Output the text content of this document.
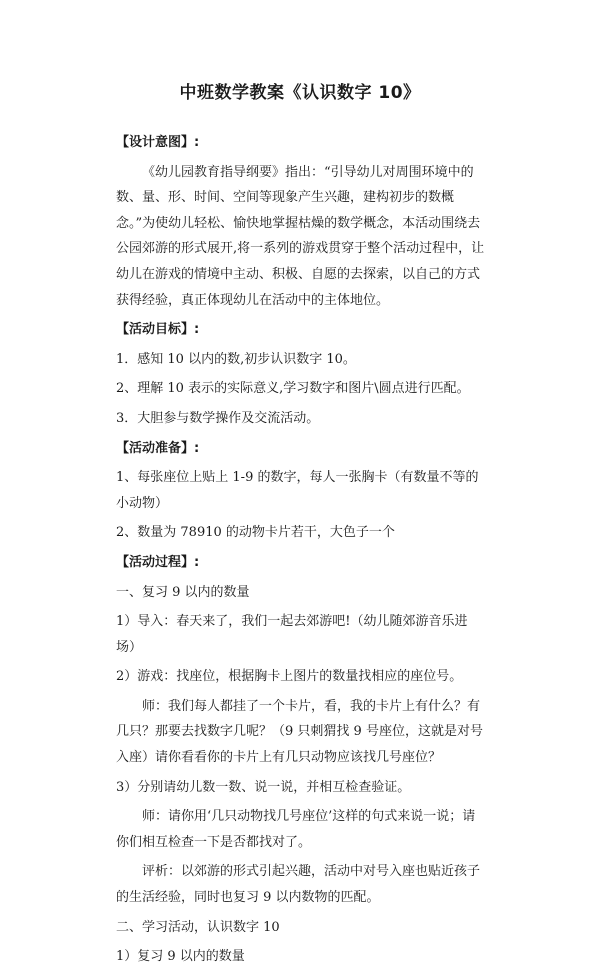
中班数学教案《认识数字 10》

【设计意图】:

《幼儿园教育指导纲要》指出：“引导幼儿对周围环境中的数、量、形、时间、空间等现象产生兴趣，建构初步的数概念。”为使幼儿轻松、愉快地掌握枯燥的数学概念，本活动围绕去公园郊游的形式展开,将一系列的游戏贯穿于整个活动过程中，让幼儿在游戏的情境中主动、积极、自愿的去探索，以自己的方式获得经验，真正体现幼儿在活动中的主体地位。

【活动目标】:

1．感知 10 以内的数,初步认识数字 10。

2、理解 10 表示的实际意义,学习数字和图片\圆点进行匹配。

3．大胆参与数学操作及交流活动。

【活动准备】:

1、每张座位上贴上 1-9 的数字，每人一张胸卡（有数量不等的小动物）

2、数量为 78910 的动物卡片若干，大色子一个

【活动过程】:

一、复习 9 以内的数量

1）导入：春天来了，我们一起去郊游吧!（幼儿随郊游音乐进场）

2）游戏：找座位，根据胸卡上图片的数量找相应的座位号。

师：我们每人都挂了一个卡片，看，我的卡片上有什么？有几只？那要去找数字几呢？（9 只刺猬找 9 号座位，这就是对号入座）请你看看你的卡片上有几只动物应该找几号座位？

3）分别请幼儿数一数、说一说，并相互检查验证。

师：请你用‘几只动物找几号座位’这样的句式来说一说；请你们相互检查一下是否都找对了。

评析：以郊游的形式引起兴趣，活动中对号入座也贴近孩子的生活经验，同时也复习 9 以内数物的匹配。

二、学习活动，认识数字 10

1）复习 9 以内的数量
